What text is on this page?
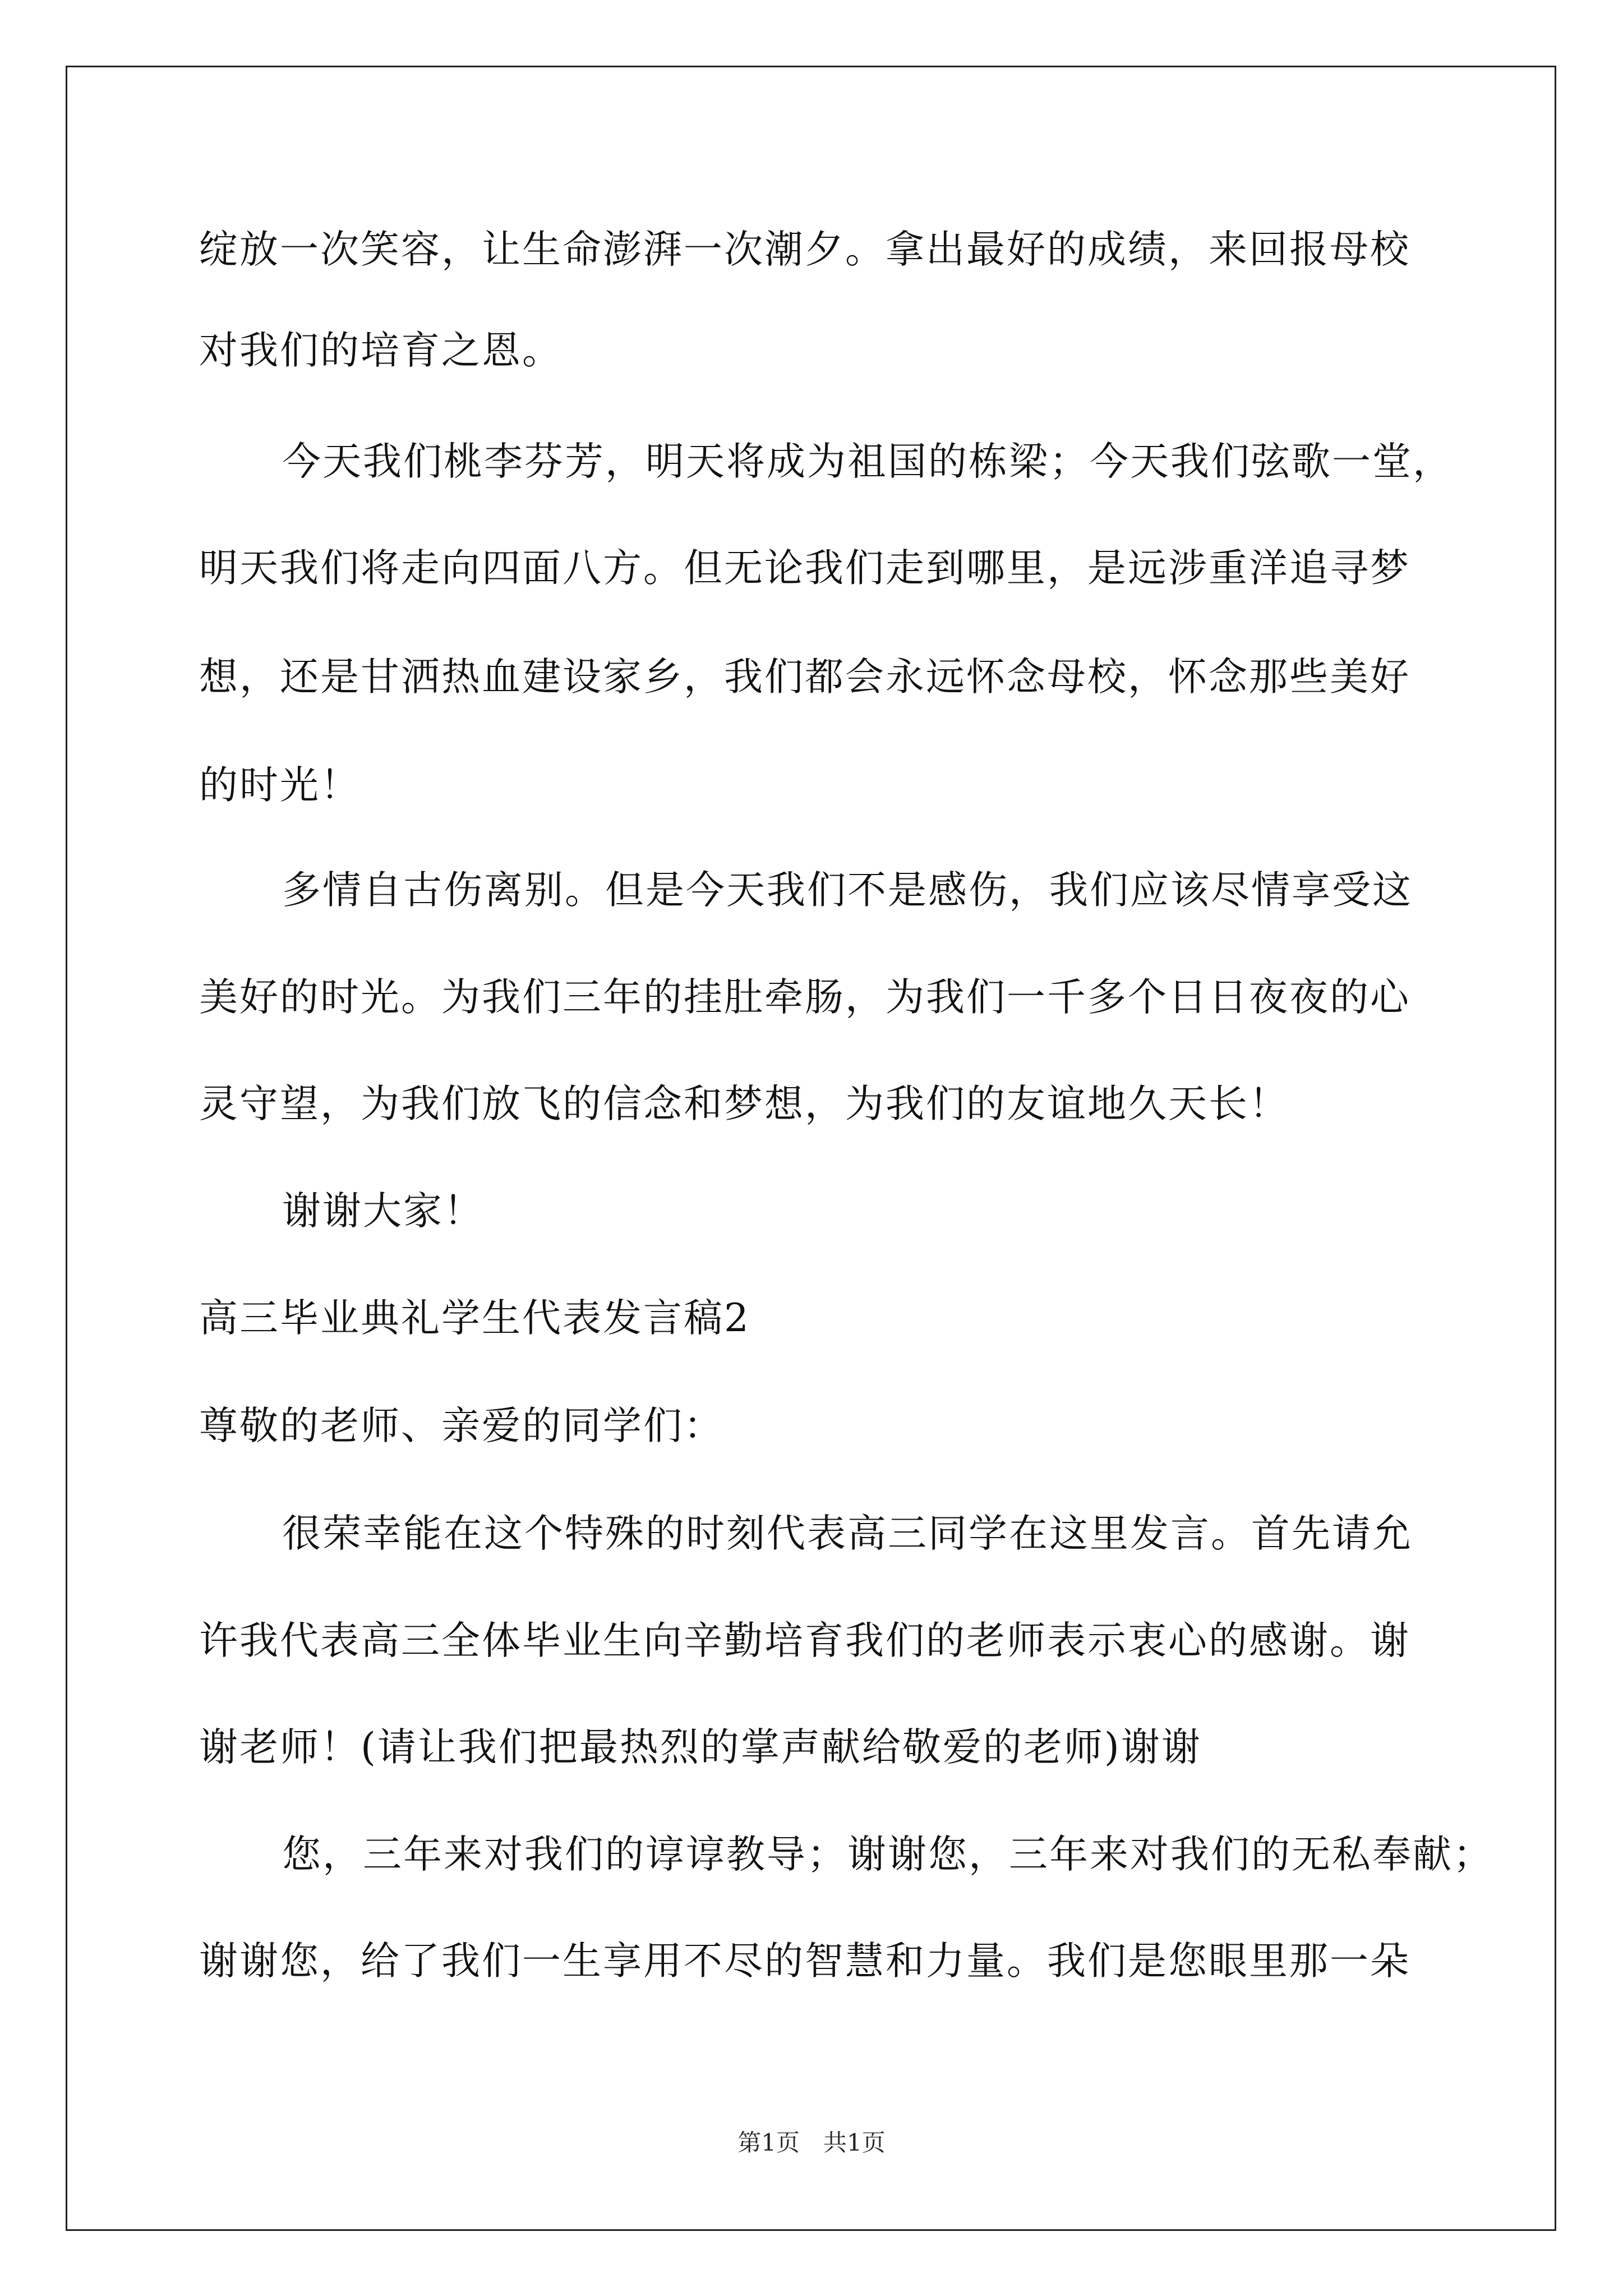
绽放一次笑容，让生命澎湃一次潮夕。拿出最好的成绩，来回报母校
对我们的培育之恩。
今天我们桃李芬芳，明天将成为祖国的栋梁；今天我们弦歌一堂，
明天我们将走向四面八方。但无论我们走到哪里，是远涉重洋追寻梦
想，还是甘洒热血建设家乡，我们都会永远怀念母校，怀念那些美好
的时光！
多情自古伤离别。但是今天我们不是感伤，我们应该尽情享受这
美好的时光。为我们三年的挂肚牵肠，为我们一千多个日日夜夜的心
灵守望，为我们放飞的信念和梦想，为我们的友谊地久天长！
谢谢大家！
高三毕业典礼学生代表发言稿2
尊敬的老师、亲爱的同学们：
很荣幸能在这个特殊的时刻代表高三同学在这里发言。首先请允
许我代表高三全体毕业生向辛勤培育我们的老师表示衷心的感谢。谢
谢老师！(请让我们把最热烈的掌声献给敬爱的老师)谢谢
您，三年来对我们的谆谆教导；谢谢您，三年来对我们的无私奉献；
谢谢您，给了我们一生享用不尽的智慧和力量。我们是您眼里那一朵
第1页　共1页
